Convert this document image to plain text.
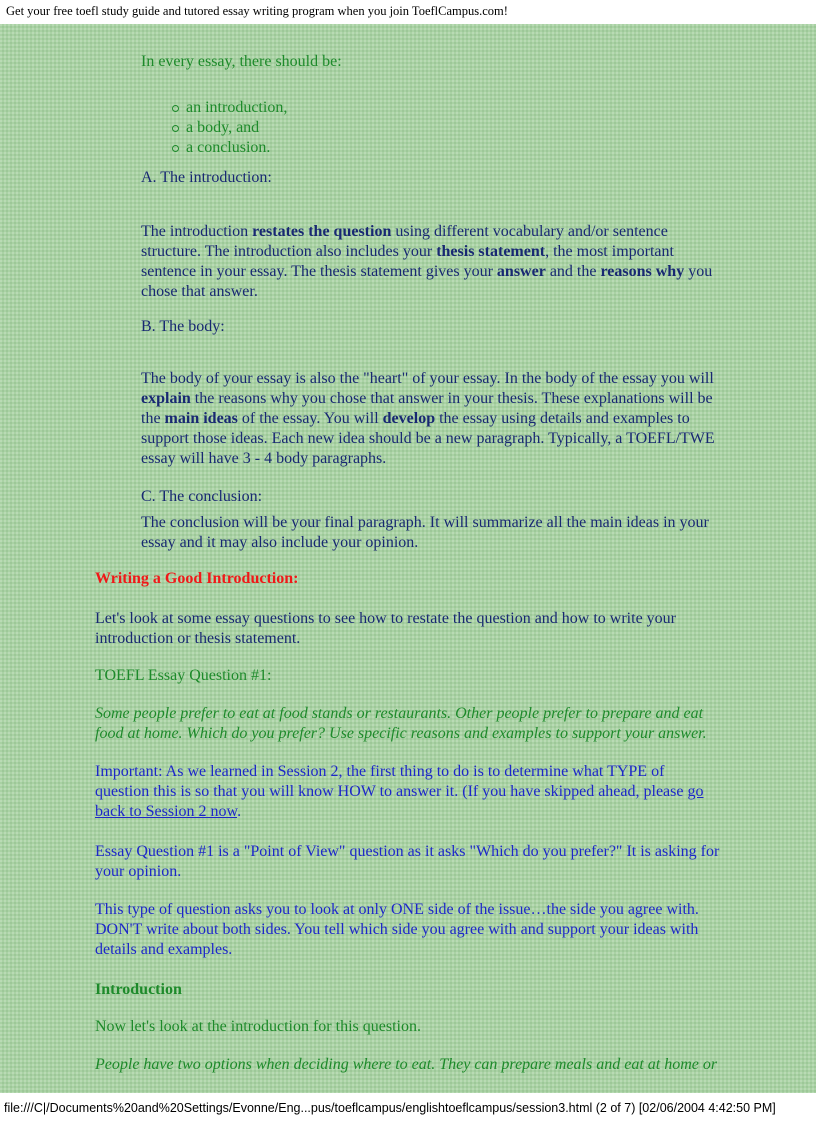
Get your free toefl study guide and tutored essay writing program when you join ToeflCampus.com!

In every essay, there should be:

an introduction,
a body, and
a conclusion.

A. The introduction:

The introduction restates the question using different vocabulary and/or sentence structure. The introduction also includes your thesis statement, the most important sentence in your essay. The thesis statement gives your answer and the reasons why you chose that answer.

B. The body:

The body of your essay is also the "heart" of your essay. In the body of the essay you will explain the reasons why you chose that answer in your thesis. These explanations will be the main ideas of the essay. You will develop the essay using details and examples to support those ideas. Each new idea should be a new paragraph. Typically, a TOEFL/TWE essay will have 3 - 4 body paragraphs.

C. The conclusion:

The conclusion will be your final paragraph. It will summarize all the main ideas in your essay and it may also include your opinion.

Writing a Good Introduction:

Let's look at some essay questions to see how to restate the question and how to write your introduction or thesis statement.

TOEFL Essay Question #1:

Some people prefer to eat at food stands or restaurants. Other people prefer to prepare and eat food at home. Which do you prefer? Use specific reasons and examples to support your answer.

Important: As we learned in Session 2, the first thing to do is to determine what TYPE of question this is so that you will know HOW to answer it. (If you have skipped ahead, please go back to Session 2 now.

Essay Question #1 is a "Point of View" question as it asks "Which do you prefer?" It is asking for your opinion.

This type of question asks you to look at only ONE side of the issue…the side you agree with. DON'T write about both sides. You tell which side you agree with and support your ideas with details and examples.

Introduction

Now let's look at the introduction for this question.

People have two options when deciding where to eat. They can prepare meals and eat at home or

file:///C|/Documents%20and%20Settings/Evonne/Eng...pus/toeflcampus/englishtoeflcampus/session3.html (2 of 7) [02/06/2004 4:42:50 PM]
